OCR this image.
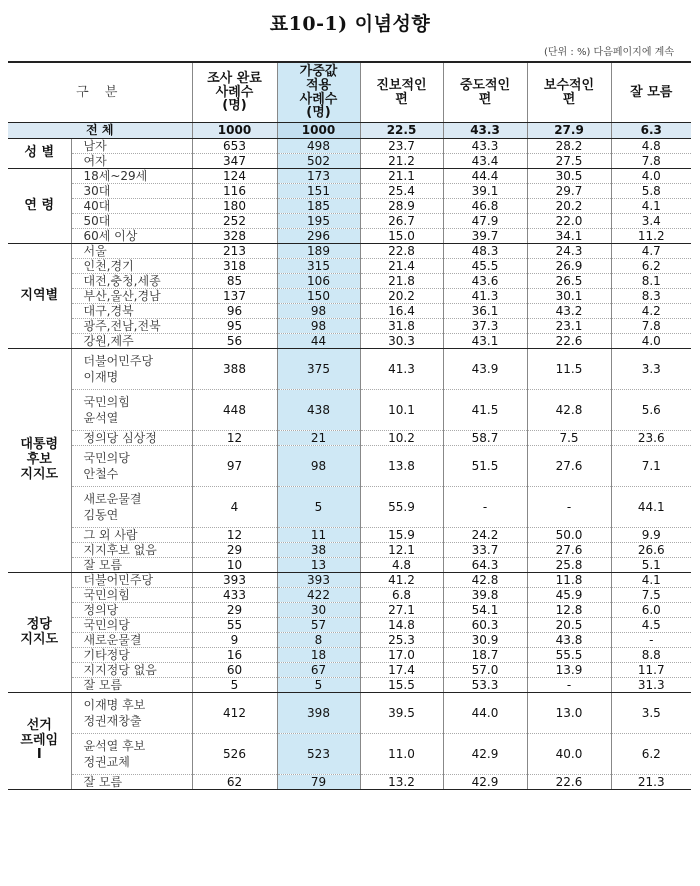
표10-1) 이념성향
(단위 : %) 다음페이지에 계속
구 분		조사 완료
사례수
(명)	가중값
적용
사례수
(명)	진보적인
편	중도적인
편	보수적인
편	잘 모름
전 체		1000	1000	22.5	43.3	27.9	6.3
성 별	남자	653	498	23.7	43.3	28.2	4.8
	여자	347	502	21.2	43.4	27.5	7.8
연 령	18세~29세	124	173	21.1	44.4	30.5	4.0
	30대	116	151	25.4	39.1	29.7	5.8
	40대	180	185	28.9	46.8	20.2	4.1
	50대	252	195	26.7	47.9	22.0	3.4
	60세 이상	328	296	15.0	39.7	34.1	11.2
지역별	서울	213	189	22.8	48.3	24.3	4.7
	인천,경기	318	315	21.4	45.5	26.9	6.2
	대전,충청,세종	85	106	21.8	43.6	26.5	8.1
	부산,울산,경남	137	150	20.2	41.3	30.1	8.3
	대구,경북	96	98	16.4	36.1	43.2	4.2
	광주,전남,전북	95	98	31.8	37.3	23.1	7.8
	강원,제주	56	44	30.3	43.1	22.6	4.0
대통령
후보
지지도	더불어민주당
이재명	388	375	41.3	43.9	11.5	3.3
	국민의힘
윤석열	448	438	10.1	41.5	42.8	5.6
	정의당 심상정	12	21	10.2	58.7	7.5	23.6
	국민의당
안철수	97	98	13.8	51.5	27.6	7.1
	새로운물결
김동연	4	5	55.9	-	-	44.1
	그 외 사람	12	11	15.9	24.2	50.0	9.9
	지지후보 없음	29	38	12.1	33.7	27.6	26.6
	잘 모름	10	13	4.8	64.3	25.8	5.1
정당
지지도	더불어민주당	393	393	41.2	42.8	11.8	4.1
	국민의힘	433	422	6.8	39.8	45.9	7.5
	정의당	29	30	27.1	54.1	12.8	6.0
	국민의당	55	57	14.8	60.3	20.5	4.5
	새로운물결	9	8	25.3	30.9	43.8	-
	기타정당	16	18	17.0	18.7	55.5	8.8
	지지정당 없음	60	67	17.4	57.0	13.9	11.7
	잘 모름	5	5	15.5	53.3	-	31.3
선거
프레임
Ⅰ	이재명 후보
정권재창출	412	398	39.5	44.0	13.0	3.5
	윤석열 후보
정권교체	526	523	11.0	42.9	40.0	6.2
	잘 모름	62	79	13.2	42.9	22.6	21.3
